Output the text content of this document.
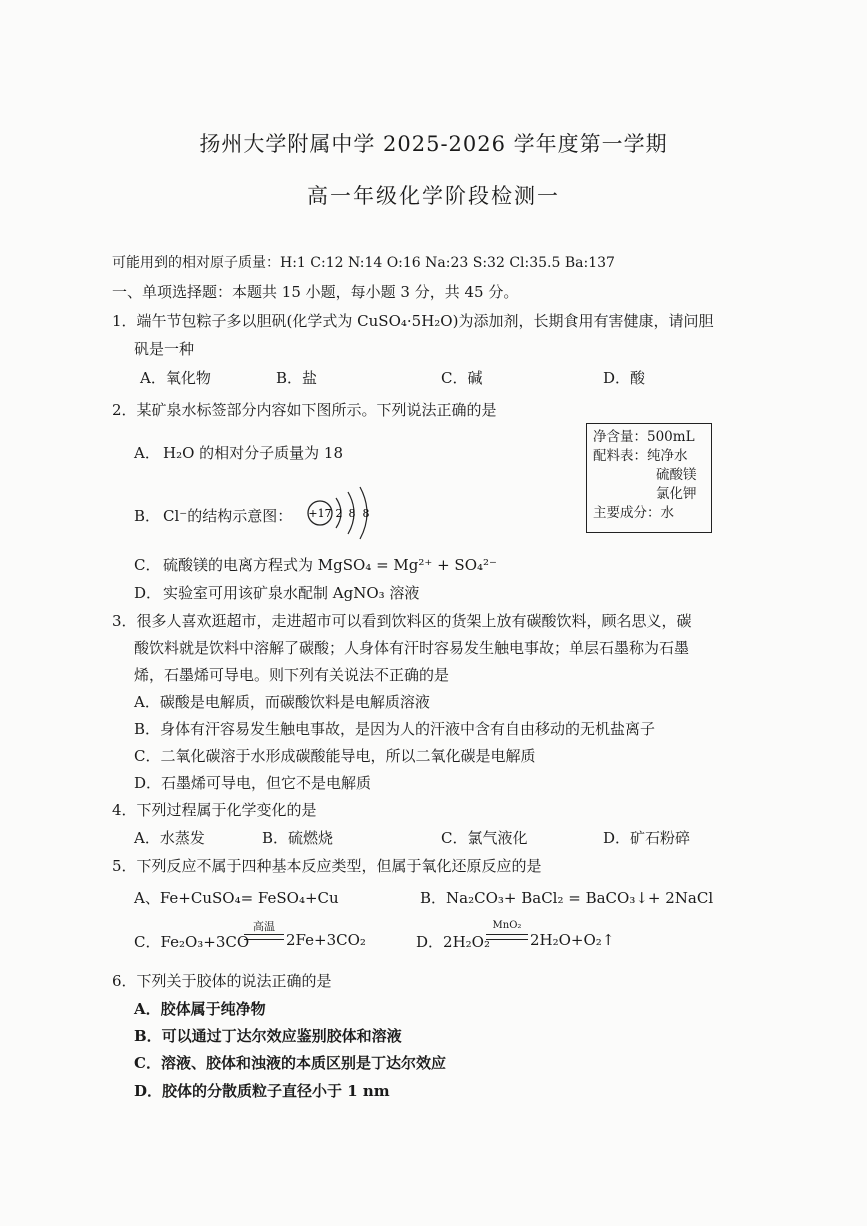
扬州大学附属中学 2025-2026 学年度第一学期
高一年级化学阶段检测一
可能用到的相对原子质量：H:1 C:12 N:14 O:16 Na:23 S:32 Cl:35.5 Ba:137
一、单项选择题：本题共 15 小题，每小题 3 分，共 45 分。
1．端午节包粽子多以胆矾(化学式为 CuSO₄·5H₂O)为添加剂，长期食用有害健康，请问胆
矾是一种
A．氧化物	B．盐	C．碱	D．酸
2．某矿泉水标签部分内容如下图所示。下列说法正确的是
净含量：500mL
配料表：纯净水
硫酸镁
氯化钾
主要成分：水
A． H₂O 的相对分子质量为 18
B． Cl⁻的结构示意图： +17 2 8 8
C． 硫酸镁的电离方程式为 MgSO₄ = Mg²⁺ + SO₄²⁻
D． 实验室可用该矿泉水配制 AgNO₃ 溶液
3．很多人喜欢逛超市，走进超市可以看到饮料区的货架上放有碳酸饮料，顾名思义，碳
酸饮料就是饮料中溶解了碳酸；人身体有汗时容易发生触电事故；单层石墨称为石墨
烯，石墨烯可导电。则下列有关说法不正确的是
A．碳酸是电解质，而碳酸饮料是电解质溶液
B．身体有汗容易发生触电事故，是因为人的汗液中含有自由移动的无机盐离子
C．二氧化碳溶于水形成碳酸能导电，所以二氧化碳是电解质
D．石墨烯可导电，但它不是电解质
4．下列过程属于化学变化的是
A．水蒸发	B．硫燃烧	C．氯气液化	D．矿石粉碎
5．下列反应不属于四种基本反应类型，但属于氧化还原反应的是
A、Fe+CuSO₄= FeSO₄+Cu	B．Na₂CO₃+ BaCl₂ = BaCO₃↓+ 2NaCl
C．Fe₂O₃+3CO
高温
2Fe+3CO₂	D．2H₂O₂
MnO₂
2H₂O+O₂↑
6．下列关于胶体的说法正确的是
A．胶体属于纯净物
B．可以通过丁达尔效应鉴别胶体和溶液
C．溶液、胶体和浊液的本质区别是丁达尔效应
D．胶体的分散质粒子直径小于 1 nm
